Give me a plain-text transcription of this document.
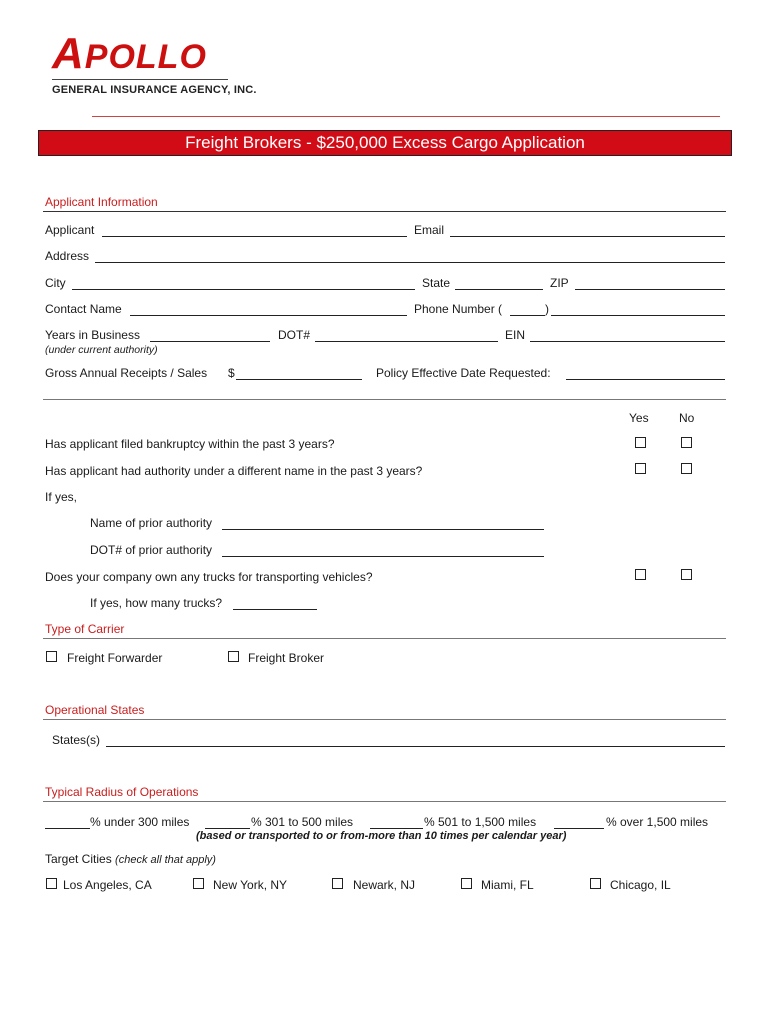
APOLLO
GENERAL INSURANCE AGENCY, INC.
Freight Brokers - $250,000 Excess Cargo Application
Applicant Information
Applicant	Email
Address
City	State	ZIP
Contact Name	Phone Number (	)
Years in Business	DOT#	EIN
(under current authority)
Gross Annual Receipts / Sales $	Policy Effective Date Requested:
Yes	No
Has applicant filed bankruptcy within the past 3 years?
Has applicant had authority under a different name in the past 3 years?
If yes,
Name of prior authority
DOT# of prior authority
Does your company own any trucks for transporting vehicles?
If yes, how many trucks?
Type of Carrier
Freight Forwarder	Freight Broker
Operational States
States(s)
Typical Radius of Operations
% under 300 miles	% 301 to 500 miles	% 501 to 1,500 miles	% over 1,500 miles
(based or transported to or from-more than 10 times per calendar year)
Target Cities (check all that apply)
Los Angeles, CA	New York, NY	Newark, NJ	Miami, FL	Chicago, IL
